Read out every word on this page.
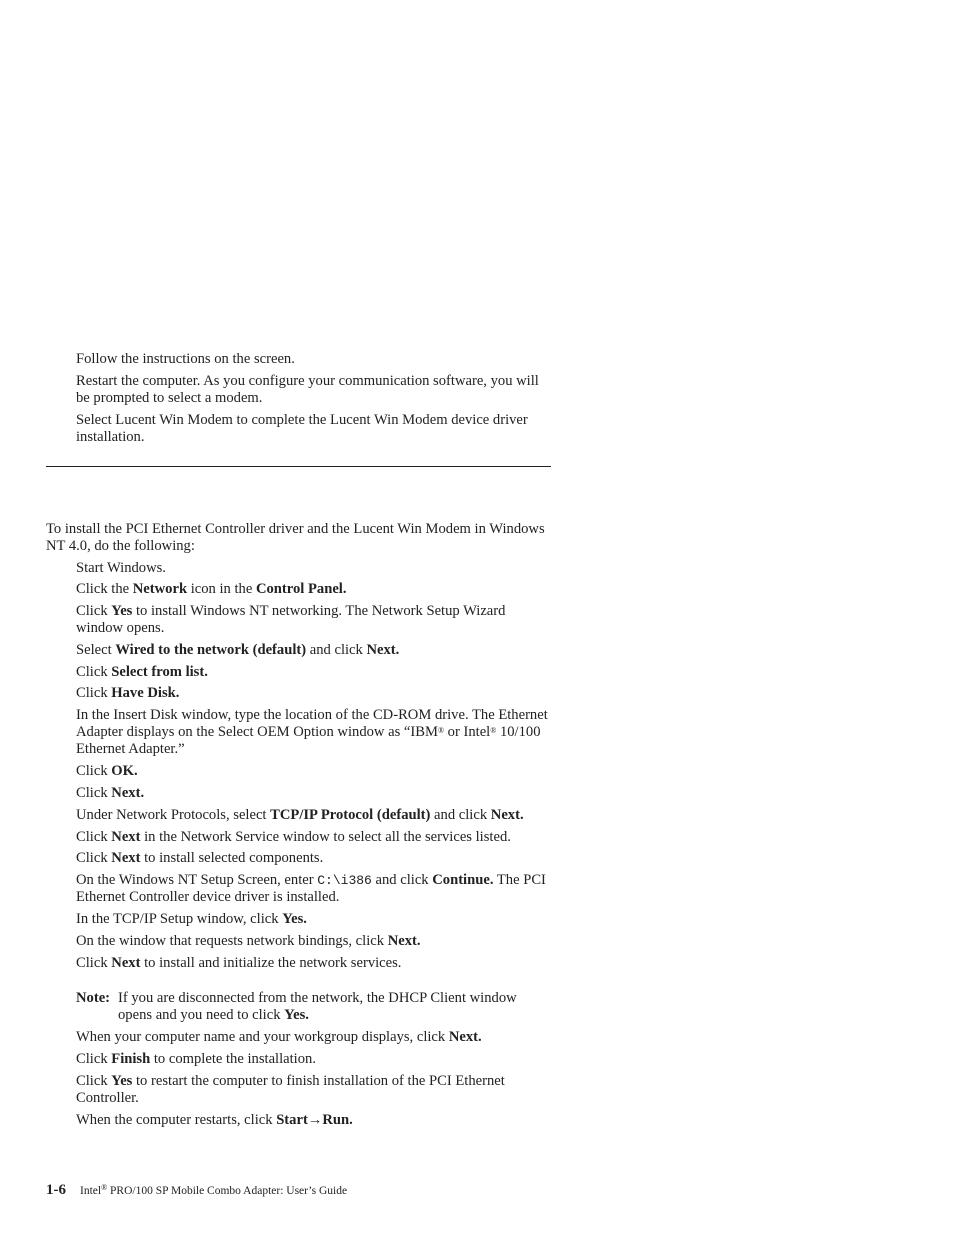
Follow the instructions on the screen.
Restart the computer. As you configure your communication software, you will be prompted to select a modem.
Select Lucent Win Modem to complete the Lucent Win Modem device driver installation.
To install the PCI Ethernet Controller driver and the Lucent Win Modem in Windows NT 4.0, do the following:
Start Windows.
Click the Network icon in the Control Panel.
Click Yes to install Windows NT networking. The Network Setup Wizard window opens.
Select Wired to the network (default) and click Next.
Click Select from list.
Click Have Disk.
In the Insert Disk window, type the location of the CD-ROM drive. The Ethernet Adapter displays on the Select OEM Option window as “IBM® or Intel® 10/100 Ethernet Adapter.”
Click OK.
Click Next.
Under Network Protocols, select TCP/IP Protocol (default) and click Next.
Click Next in the Network Service window to select all the services listed.
Click Next to install selected components.
On the Windows NT Setup Screen, enter C:\i386 and click Continue. The PCI Ethernet Controller device driver is installed.
In the TCP/IP Setup window, click Yes.
On the window that requests network bindings, click Next.
Click Next to install and initialize the network services.
Note: If you are disconnected from the network, the DHCP Client window opens and you need to click Yes.
When your computer name and your workgroup displays, click Next.
Click Finish to complete the installation.
Click Yes to restart the computer to finish installation of the PCI Ethernet Controller.
When the computer restarts, click Start→Run.
1-6 Intel® PRO/100 SP Mobile Combo Adapter: User’s Guide
